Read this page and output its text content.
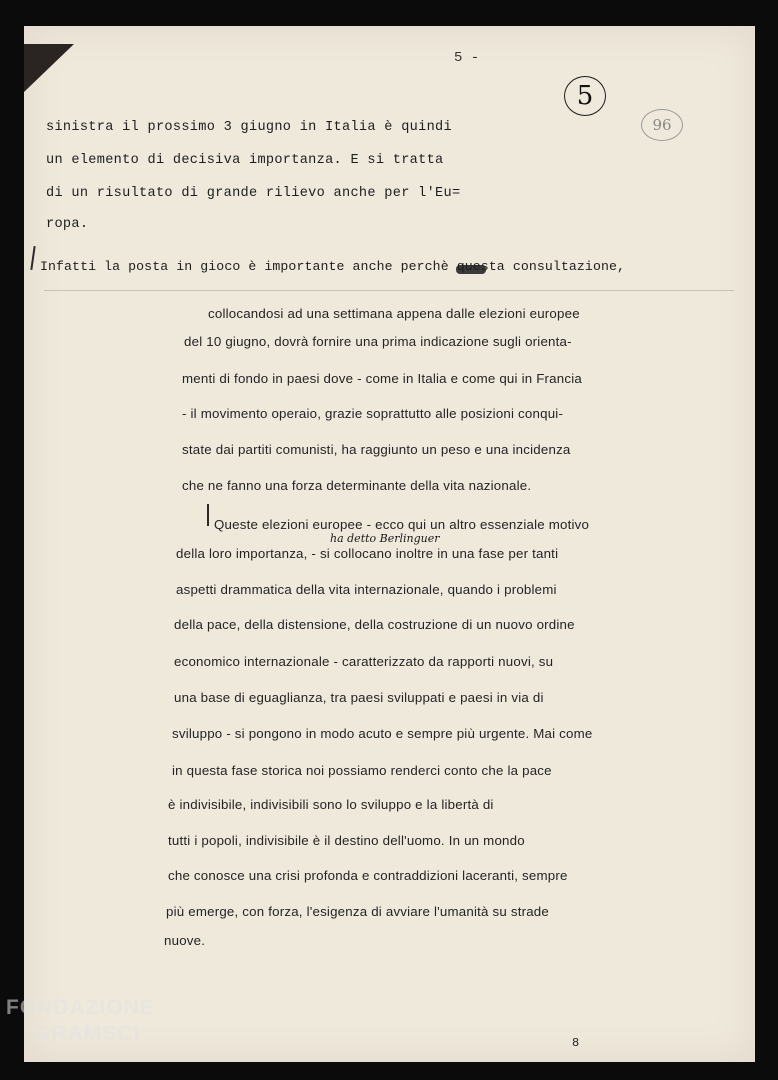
5 -
5
96
sinistra il prossimo 3 giugno in Italia è quindi
un elemento di decisiva importanza. E si tratta
di un risultato di grande rilievo anche per l'Eu=
ropa.
Infatti la posta in gioco è importante anche perchè questa consultazione,
collocandosi ad una settimana appena dalle elezioni europee
del 10 giugno, dovrà fornire una prima indicazione sugli orienta-
menti di fondo in paesi dove - come in Italia e come qui in Francia
- il movimento operaio, grazie soprattutto alle posizioni conqui-
state dai partiti comunisti, ha raggiunto un peso e una incidenza
che ne fanno una forza determinante della vita nazionale.
Queste elezioni europee - ecco qui un altro essenziale motivo
ha detto Berlinguer
della loro importanza, - si collocano inoltre in una fase per tanti
aspetti drammatica della vita internazionale, quando i problemi
della pace, della distensione, della costruzione di un nuovo ordine
economico internazionale - caratterizzato da rapporti nuovi, su
una base di eguaglianza, tra paesi sviluppati e paesi in via di
sviluppo - si pongono in modo acuto e sempre più urgente. Mai come
in questa fase storica noi possiamo renderci conto che la pace
è indivisibile, indivisibili sono lo sviluppo e la libertà di
tutti i popoli, indivisibile è il destino dell'uomo. In un mondo
che conosce una crisi profonda e contraddizioni laceranti, sempre
più emerge, con forza, l'esigenza di avviare l'umanità su strade
nuove.
8
FONDAZIONE
GRAMSCI
